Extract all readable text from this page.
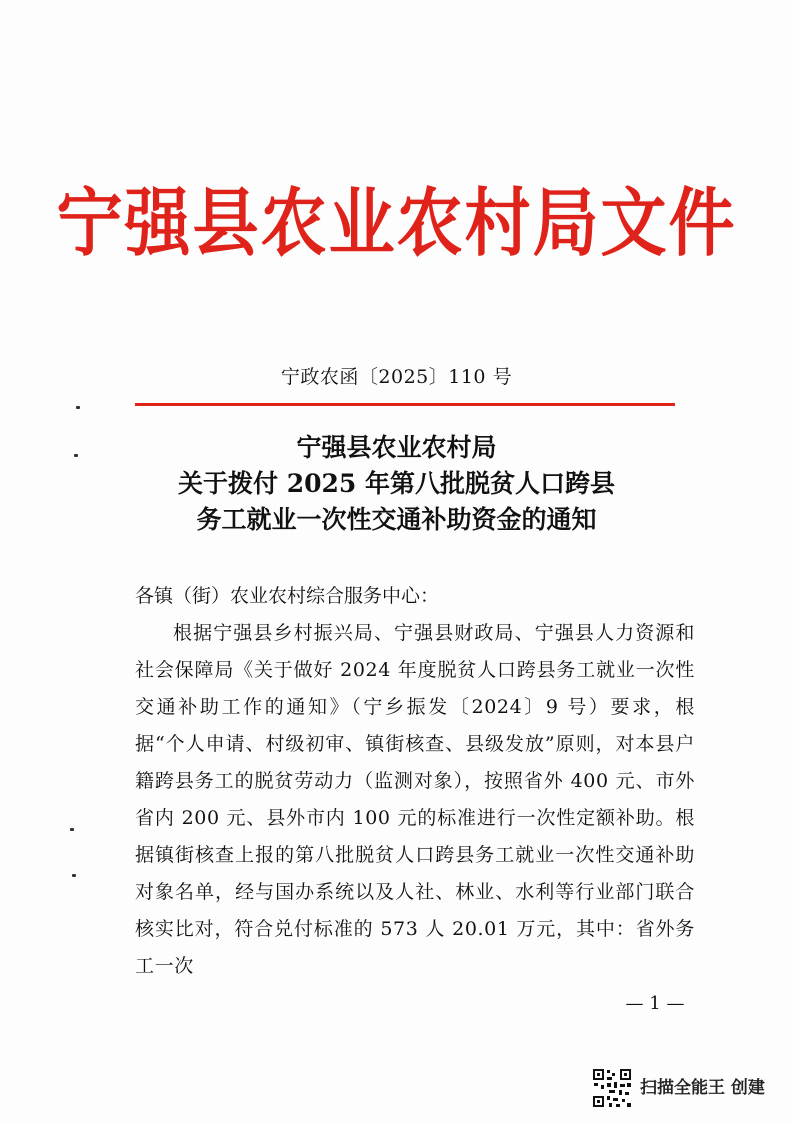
宁强县农业农村局文件
宁政农函〔2025〕110 号
宁强县农业农村局
关于拨付 2025 年第八批脱贫人口跨县
务工就业一次性交通补助资金的通知
各镇（街）农业农村综合服务中心：
根据宁强县乡村振兴局、宁强县财政局、宁强县人力资源和社会保障局《关于做好 2024 年度脱贫人口跨县务工就业一次性交通补助工作的通知》（宁乡振发〔2024〕9 号）要求，根据“个人申请、村级初审、镇街核查、县级发放”原则，对本县户籍跨县务工的脱贫劳动力（监测对象），按照省外 400 元、市外省内 200 元、县外市内 100 元的标准进行一次性定额补助。根据镇街核查上报的第八批脱贫人口跨县务工就业一次性交通补助对象名单，经与国办系统以及人社、林业、水利等行业部门联合核实比对，符合兑付标准的 573 人 20.01 万元，其中：省外务工一次
— 1 —
扫描全能王 创建
